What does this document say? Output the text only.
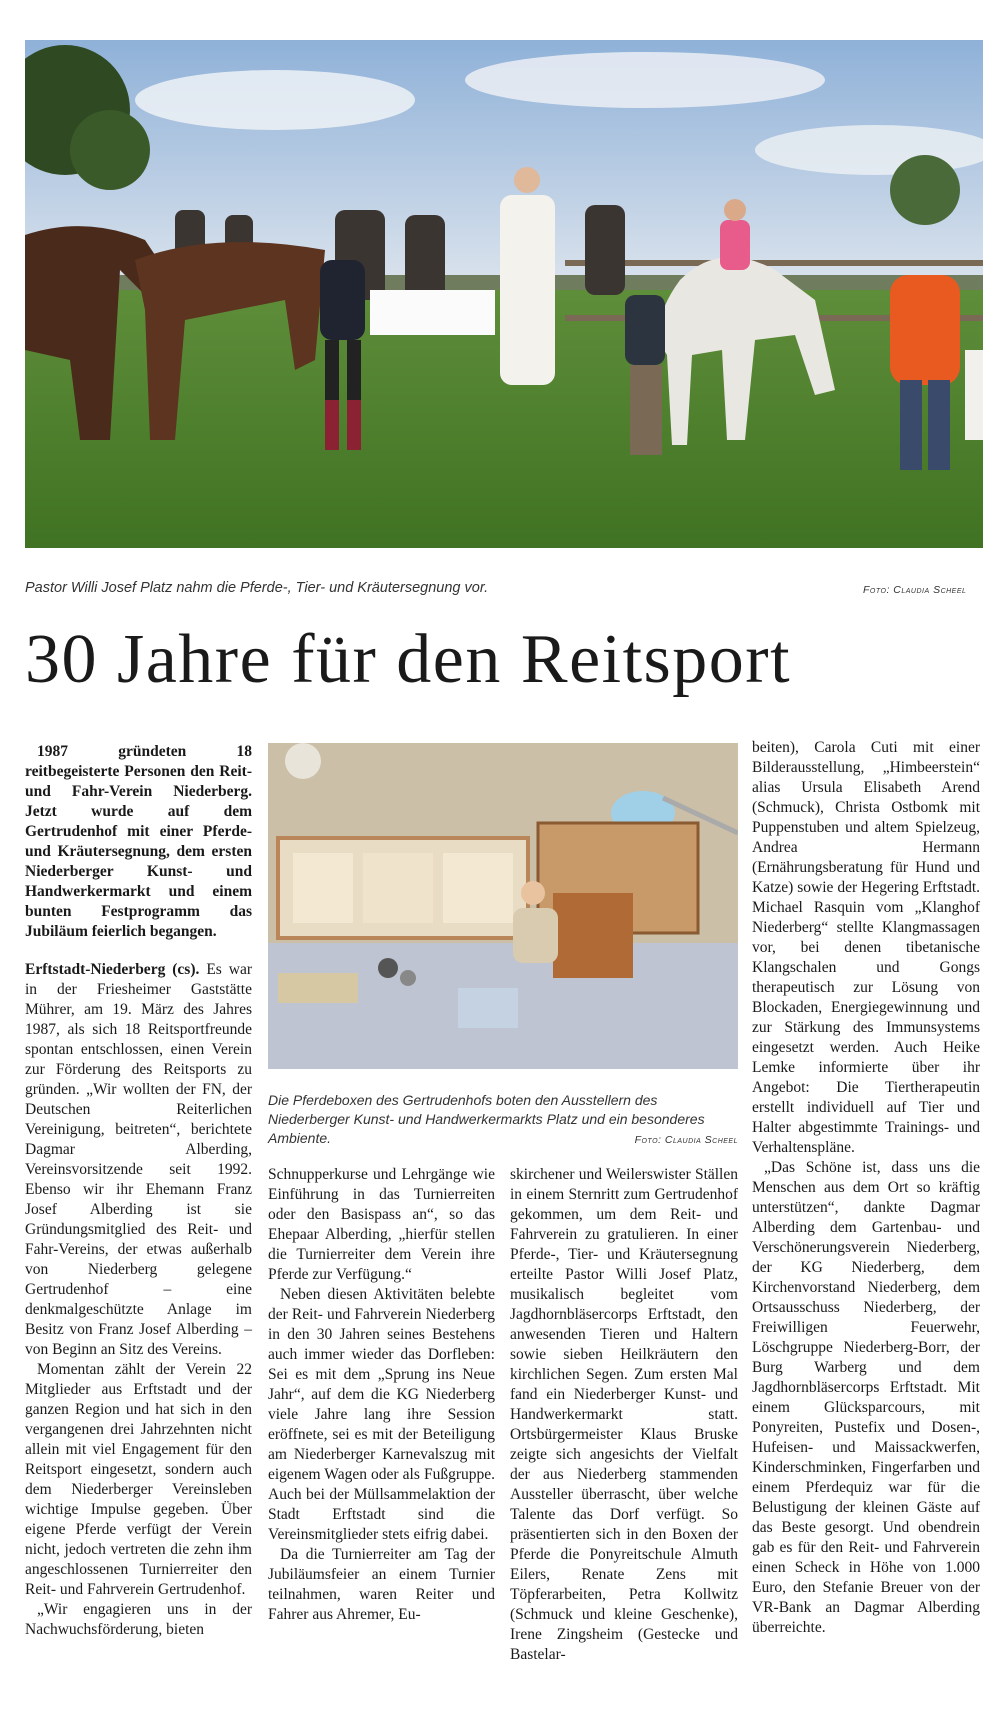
Pastor Willi Josef Platz nahm die Pferde-, Tier- und Kräutersegnung vor.	Foto: Claudia Scheel
30 Jahre für den Reitsport

1987 gründeten 18 reitbegeisterte Personen den Reit- und Fahr-Verein Niederberg. Jetzt wurde auf dem Gertrudenhof mit einer Pferde- und Kräutersegnung, dem ersten Niederberger Kunst- und Handwerkermarkt und einem bunten Festprogramm das Jubiläum feierlich begangen.

Erftstadt-Niederberg (cs). Es war in der Friesheimer Gaststätte Mührer, am 19. März des Jahres 1987, als sich 18 Reitsportfreunde spontan entschlossen, einen Verein zur Förderung des Reitsports zu gründen. „Wir wollten der FN, der Deutschen Reiterlichen Vereinigung, beitreten“, berichtete Dagmar Alberding, Vereinsvorsitzende seit 1992. Ebenso wir ihr Ehemann Franz Josef Alberding ist sie Gründungsmitglied des Reit- und Fahr-Vereins, der etwas außerhalb von Niederberg gelegene Gertrudenhof – eine denkmalgeschützte Anlage im Besitz von Franz Josef Alberding – von Beginn an Sitz des Vereins.

Momentan zählt der Verein 22 Mitglieder aus Erftstadt und der ganzen Region und hat sich in den vergangenen drei Jahrzehnten nicht allein mit viel Engagement für den Reitsport eingesetzt, sondern auch dem Niederberger Vereinsleben wichtige Impulse gegeben. Über eigene Pferde verfügt der Verein nicht, jedoch vertreten die zehn ihm angeschlossenen Turnierreiter den Reit- und Fahrverein Gertrudenhof.

„Wir engagieren uns in der Nachwuchsförderung, bieten

Die Pferdeboxen des Gertrudenhofs boten den Ausstellern des Niederberger Kunst- und Handwerkermarkts Platz und ein besonderes Ambiente.	Foto: Claudia Scheel

Schnupperkurse und Lehrgänge wie Einführung in das Turnierreiten oder den Basispass an“, so das Ehepaar Alberding, „hierfür stellen die Turnierreiter dem Verein ihre Pferde zur Verfügung.“

Neben diesen Aktivitäten belebte der Reit- und Fahrverein Niederberg in den 30 Jahren seines Bestehens auch immer wieder das Dorfleben: Sei es mit dem „Sprung ins Neue Jahr“, auf dem die KG Niederberg viele Jahre lang ihre Session eröffnete, sei es mit der Beteiligung am Niederberger Karnevalszug mit eigenem Wagen oder als Fußgruppe. Auch bei der Müllsammelaktion der Stadt Erftstadt sind die Vereinsmitglieder stets eifrig dabei.

Da die Turnierreiter am Tag der Jubiläumsfeier an einem Turnier teilnahmen, waren Reiter und Fahrer aus Ahremer, Eu-

skirchener und Weilerswister Ställen in einem Sternritt zum Gertrudenhof gekommen, um dem Reit- und Fahrverein zu gratulieren. In einer Pferde-, Tier- und Kräutersegnung erteilte Pastor Willi Josef Platz, musikalisch begleitet vom Jagdhornbläsercorps Erftstadt, den anwesenden Tieren und Haltern sowie sieben Heilkräutern den kirchlichen Segen. Zum ersten Mal fand ein Niederberger Kunst- und Handwerkermarkt statt. Ortsbürgermeister Klaus Bruske zeigte sich angesichts der Vielfalt der aus Niederberg stammenden Aussteller überrascht, über welche Talente das Dorf verfügt. So präsentierten sich in den Boxen der Pferde die Ponyreitschule Almuth Eilers, Renate Zens mit Töpferarbeiten, Petra Kollwitz (Schmuck und kleine Geschenke), Irene Zingsheim (Gestecke und Bastelar-

beiten), Carola Cuti mit einer Bilderausstellung, „Himbeerstein“ alias Ursula Elisabeth Arend (Schmuck), Christa Ostbomk mit Puppenstuben und altem Spielzeug, Andrea Hermann (Ernährungsberatung für Hund und Katze) sowie der Hegering Erftstadt. Michael Rasquin vom „Klanghof Niederberg“ stellte Klangmassagen vor, bei denen tibetanische Klangschalen und Gongs therapeutisch zur Lösung von Blockaden, Energiegewinnung und zur Stärkung des Immunsystems eingesetzt werden. Auch Heike Lemke informierte über ihr Angebot: Die Tiertherapeutin erstellt individuell auf Tier und Halter abgestimmte Trainings- und Verhaltenspläne.

„Das Schöne ist, dass uns die Menschen aus dem Ort so kräftig unterstützen“, dankte Dagmar Alberding dem Gartenbau- und Verschönerungsverein Niederberg, der KG Niederberg, dem Kirchenvorstand Niederberg, dem Ortsausschuss Niederberg, der Freiwilligen Feuerwehr, Löschgruppe Niederberg-Borr, der Burg Warberg und dem Jagdhornbläsercorps Erftstadt. Mit einem Glücksparcours, mit Ponyreiten, Pustefix und Dosen-, Hufeisen- und Maissackwerfen, Kinderschminken, Fingerfarben und einem Pferdequiz war für die Belustigung der kleinen Gäste auf das Beste gesorgt. Und obendrein gab es für den Reit- und Fahrverein einen Scheck in Höhe von 1.000 Euro, den Stefanie Breuer von der VR-Bank an Dagmar Alberding überreichte.
